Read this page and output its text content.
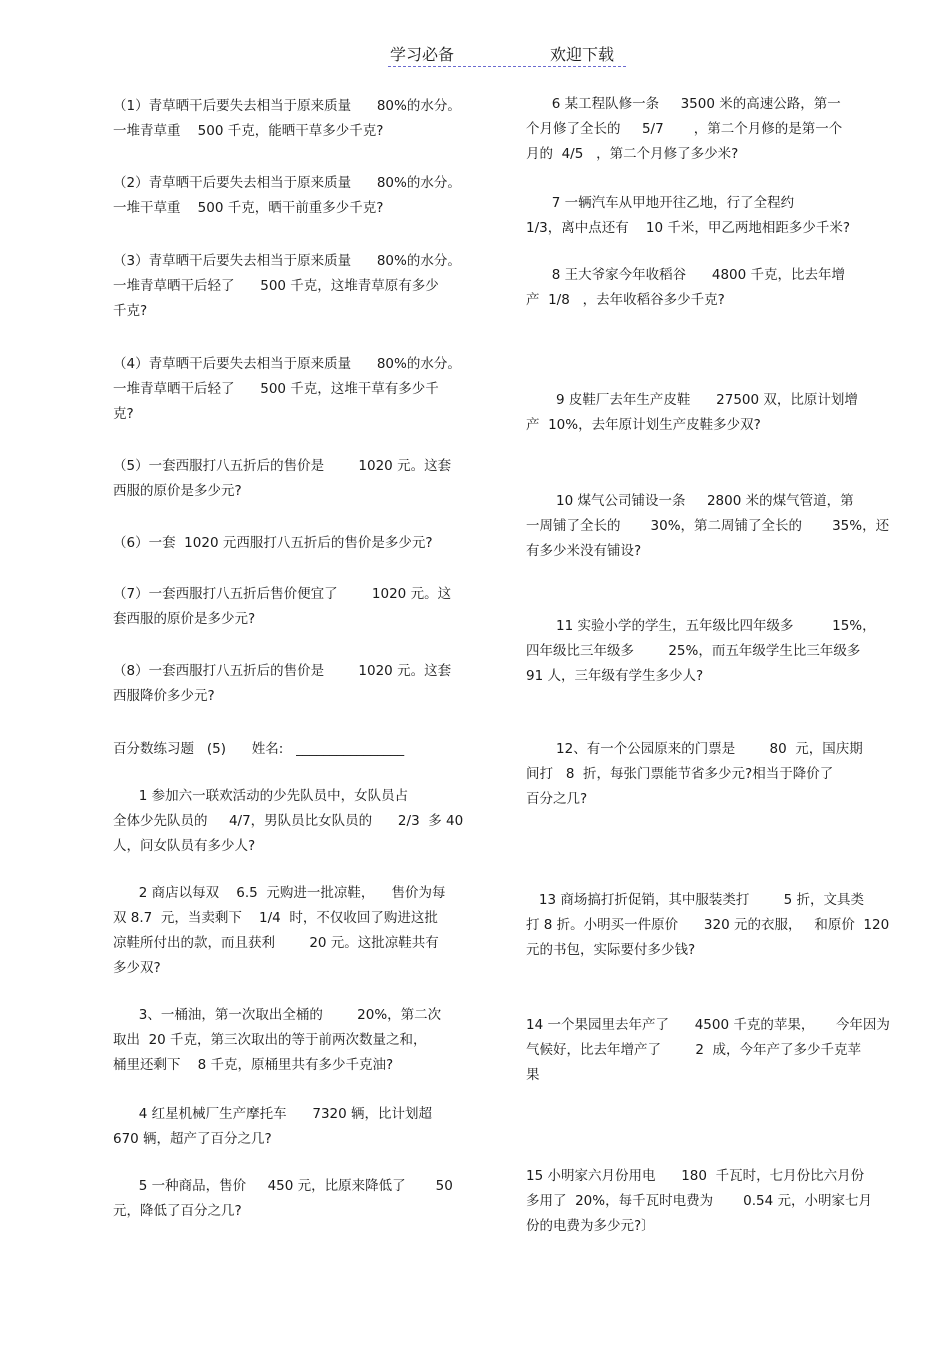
学习必备	欢迎下载
（1）青草晒干后要失去相当于原来质量      80%的水分。
一堆青草重    500 千克，能晒干草多少千克?
（2）青草晒干后要失去相当于原来质量      80%的水分。
一堆干草重    500 千克，晒干前重多少千克?
（3）青草晒干后要失去相当于原来质量      80%的水分。
一堆青草晒干后轻了      500 千克，这堆青草原有多少
千克?
（4）青草晒干后要失去相当于原来质量      80%的水分。
一堆青草晒干后轻了      500 千克，这堆干草有多少千
克?
（5）一套西服打八五折后的售价是        1020 元。这套
西服的原价是多少元?
（6）一套  1020 元西服打八五折后的售价是多少元?
（7）一套西服打八五折后售价便宜了        1020 元。这
套西服的原价是多少元?
（8）一套西服打八五折后的售价是        1020 元。这套
西服降价多少元?
百分数练习题   (5)      姓名:   ________________
1 参加六一联欢活动的少先队员中，女队员占
全体少先队员的     4/7，男队员比女队员的      2/3  多 40
人，问女队员有多少人?
2 商店以每双    6.5  元购进一批凉鞋，    售价为每
双 8.7  元，当卖剩下    1/4  时，不仅收回了购进这批
凉鞋所付出的款，而且获利        20 元。这批凉鞋共有
多少双?
3、一桶油，第一次取出全桶的        20%，第二次
取出  20 千克，第三次取出的等于前两次数量之和，
桶里还剩下    8 千克，原桶里共有多少千克油?
4 红星机械厂生产摩托车      7320 辆，比计划超
670 辆，超产了百分之几?
5 一种商品，售价     450 元，比原来降低了       50
元，降低了百分之几?
6 某工程队修一条     3500 米的高速公路，第一
个月修了全长的     5/7       ，第二个月修的是第一个
月的  4/5   ，第二个月修了多少米?
7 一辆汽车从甲地开往乙地，行了全程约
1/3，离中点还有    10 千米，甲乙两地相距多少千米?
8 王大爷家今年收稻谷      4800 千克，比去年增
产  1/8   ，去年收稻谷多少千克?
9 皮鞋厂去年生产皮鞋      27500 双，比原计划增
产  10%，去年原计划生产皮鞋多少双?
10 煤气公司铺设一条     2800 米的煤气管道，第
一周铺了全长的       30%，第二周铺了全长的       35%，还
有多少米没有铺设?
11 实验小学的学生，五年级比四年级多         15%，
四年级比三年级多        25%，而五年级学生比三年级多
91 人，三年级有学生多少人?
12、有一个公园原来的门票是        80  元，国庆期
间打   8  折，每张门票能节省多少元?相当于降价了
百分之几?
13 商场搞打折促销，其中服装类打        5 折，文具类
打 8 折。小明买一件原价      320 元的衣服，   和原价  120
元的书包，实际要付多少钱?
14 一个果园里去年产了      4500 千克的苹果，     今年因为
气候好，比去年增产了        2  成，今年产了多少千克苹
果
15 小明家六月份用电      180  千瓦时，七月份比六月份
多用了  20%，每千瓦时电费为       0.54 元，小明家七月
份的电费为多少元?〕
